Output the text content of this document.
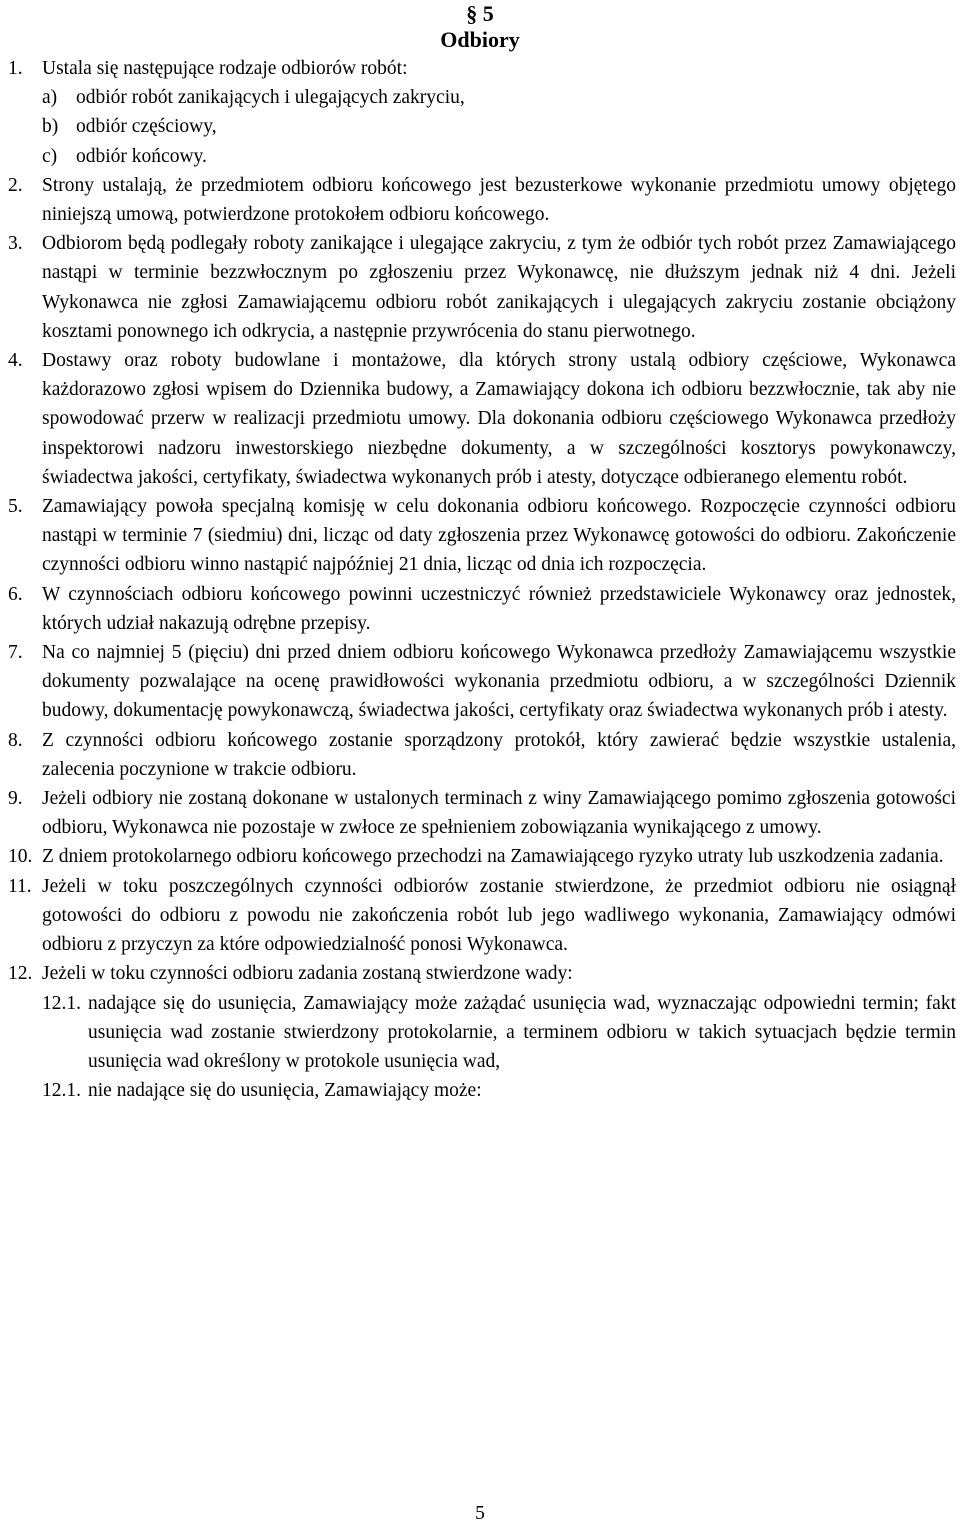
§ 5
Odbiory
1. Ustala się następujące rodzaje odbiorów robót:
a) odbiór robót zanikających i ulegających zakryciu,
b) odbiór częściowy,
c) odbiór końcowy.
2. Strony ustalają, że przedmiotem odbioru końcowego jest bezusterkowe wykonanie przedmiotu umowy objętego niniejszą umową, potwierdzone protokołem odbioru końcowego.
3. Odbiorom będą podlegały roboty zanikające i ulegające zakryciu, z tym że odbiór tych robót przez Zamawiającego nastąpi w terminie bezzwłocznym po zgłoszeniu przez Wykonawcę, nie dłuższym jednak niż 4 dni. Jeżeli Wykonawca nie zgłosi Zamawiającemu odbioru robót zanikających i ulegających zakryciu zostanie obciążony kosztami ponownego ich odkrycia, a następnie przywrócenia do stanu pierwotnego.
4. Dostawy oraz roboty budowlane i montażowe, dla których strony ustalą odbiory częściowe, Wykonawca każdorazowo zgłosi wpisem do Dziennika budowy, a Zamawiający dokona ich odbioru bezzwłocznie, tak aby nie spowodować przerw w realizacji przedmiotu umowy. Dla dokonania odbioru częściowego Wykonawca przedłoży inspektorowi nadzoru inwestorskiego niezbędne dokumenty, a w szczególności kosztorys powykonawczy, świadectwa jakości, certyfikaty, świadectwa wykonanych prób i atesty, dotyczące odbieranego elementu robót.
5. Zamawiający powoła specjalną komisję w celu dokonania odbioru końcowego. Rozpoczęcie czynności odbioru nastąpi w terminie 7 (siedmiu) dni, licząc od daty zgłoszenia przez Wykonawcę gotowości do odbioru. Zakończenie czynności odbioru winno nastąpić najpóźniej 21 dnia, licząc od dnia ich rozpoczęcia.
6. W czynnościach odbioru końcowego powinni uczestniczyć również przedstawiciele Wykonawcy oraz jednostek, których udział nakazują odrębne przepisy.
7. Na co najmniej 5 (pięciu) dni przed dniem odbioru końcowego Wykonawca przedłoży Zamawiającemu wszystkie dokumenty pozwalające na ocenę prawidłowości wykonania przedmiotu odbioru, a w szczególności Dziennik budowy, dokumentację powykonawczą, świadectwa jakości, certyfikaty oraz świadectwa wykonanych prób i atesty.
8. Z czynności odbioru końcowego zostanie sporządzony protokół, który zawierać będzie wszystkie ustalenia, zalecenia poczynione w trakcie odbioru.
9. Jeżeli odbiory nie zostaną dokonane w ustalonych terminach z winy Zamawiającego pomimo zgłoszenia gotowości odbioru, Wykonawca nie pozostaje w zwłoce ze spełnieniem zobowiązania wynikającego z umowy.
10. Z dniem protokolarnego odbioru końcowego przechodzi na Zamawiającego ryzyko utraty lub uszkodzenia zadania.
11. Jeżeli w toku poszczególnych czynności odbiorów zostanie stwierdzone, że przedmiot odbioru nie osiągnął gotowości do odbioru z powodu nie zakończenia robót lub jego wadliwego wykonania, Zamawiający odmówi odbioru z przyczyn za które odpowiedzialność ponosi Wykonawca.
12. Jeżeli w toku czynności odbioru zadania zostaną stwierdzone wady:
12.1. nadające się do usunięcia, Zamawiający może zażądać usunięcia wad, wyznaczając odpowiedni termin; fakt usunięcia wad zostanie stwierdzony protokolarnie, a terminem odbioru w takich sytuacjach będzie termin usunięcia wad określony w protokole usunięcia wad,
12.1. nie nadające się do usunięcia, Zamawiający może:
5
